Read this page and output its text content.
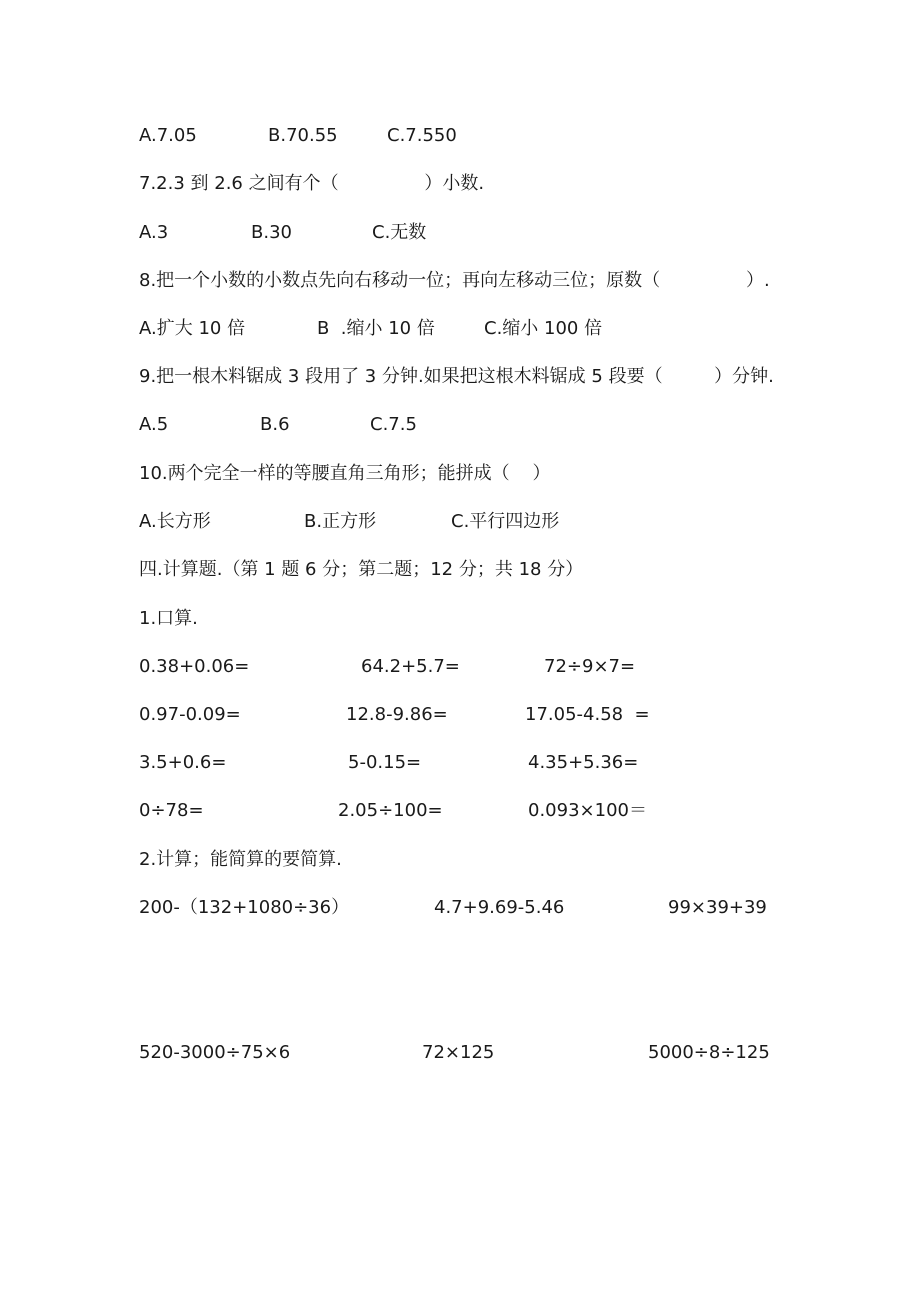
A.7.05	B.70.55	C.7.550
7.2.3 到 2.6 之间有个（               ）小数.
A.3	B.30	C.无数
8.把一个小数的小数点先向右移动一位；再向左移动三位；原数（               ）.
A.扩大 10 倍	B  .缩小 10 倍	C.缩小 100 倍
9.把一根木料锯成 3 段用了 3 分钟.如果把这根木料锯成 5 段要（         ）分钟.
A.5	B.6	C.7.5
10.两个完全一样的等腰直角三角形；能拼成（    ）
A.长方形	B.正方形	C.平行四边形
四.计算题.（第 1 题 6 分；第二题；12 分；共 18 分）
1.口算.
0.38+0.06=	64.2+5.7=	72÷9×7=
0.97-0.09=	12.8-9.86=	17.05-4.58  =
3.5+0.6=	5-0.15=	4.35+5.36=
0÷78=	2.05÷100=	0.093×100＝
2.计算；能简算的要简算.
200-（132+1080÷36）	4.7+9.69-5.46	99×39+39
520-3000÷75×6	72×125	5000÷8÷125
